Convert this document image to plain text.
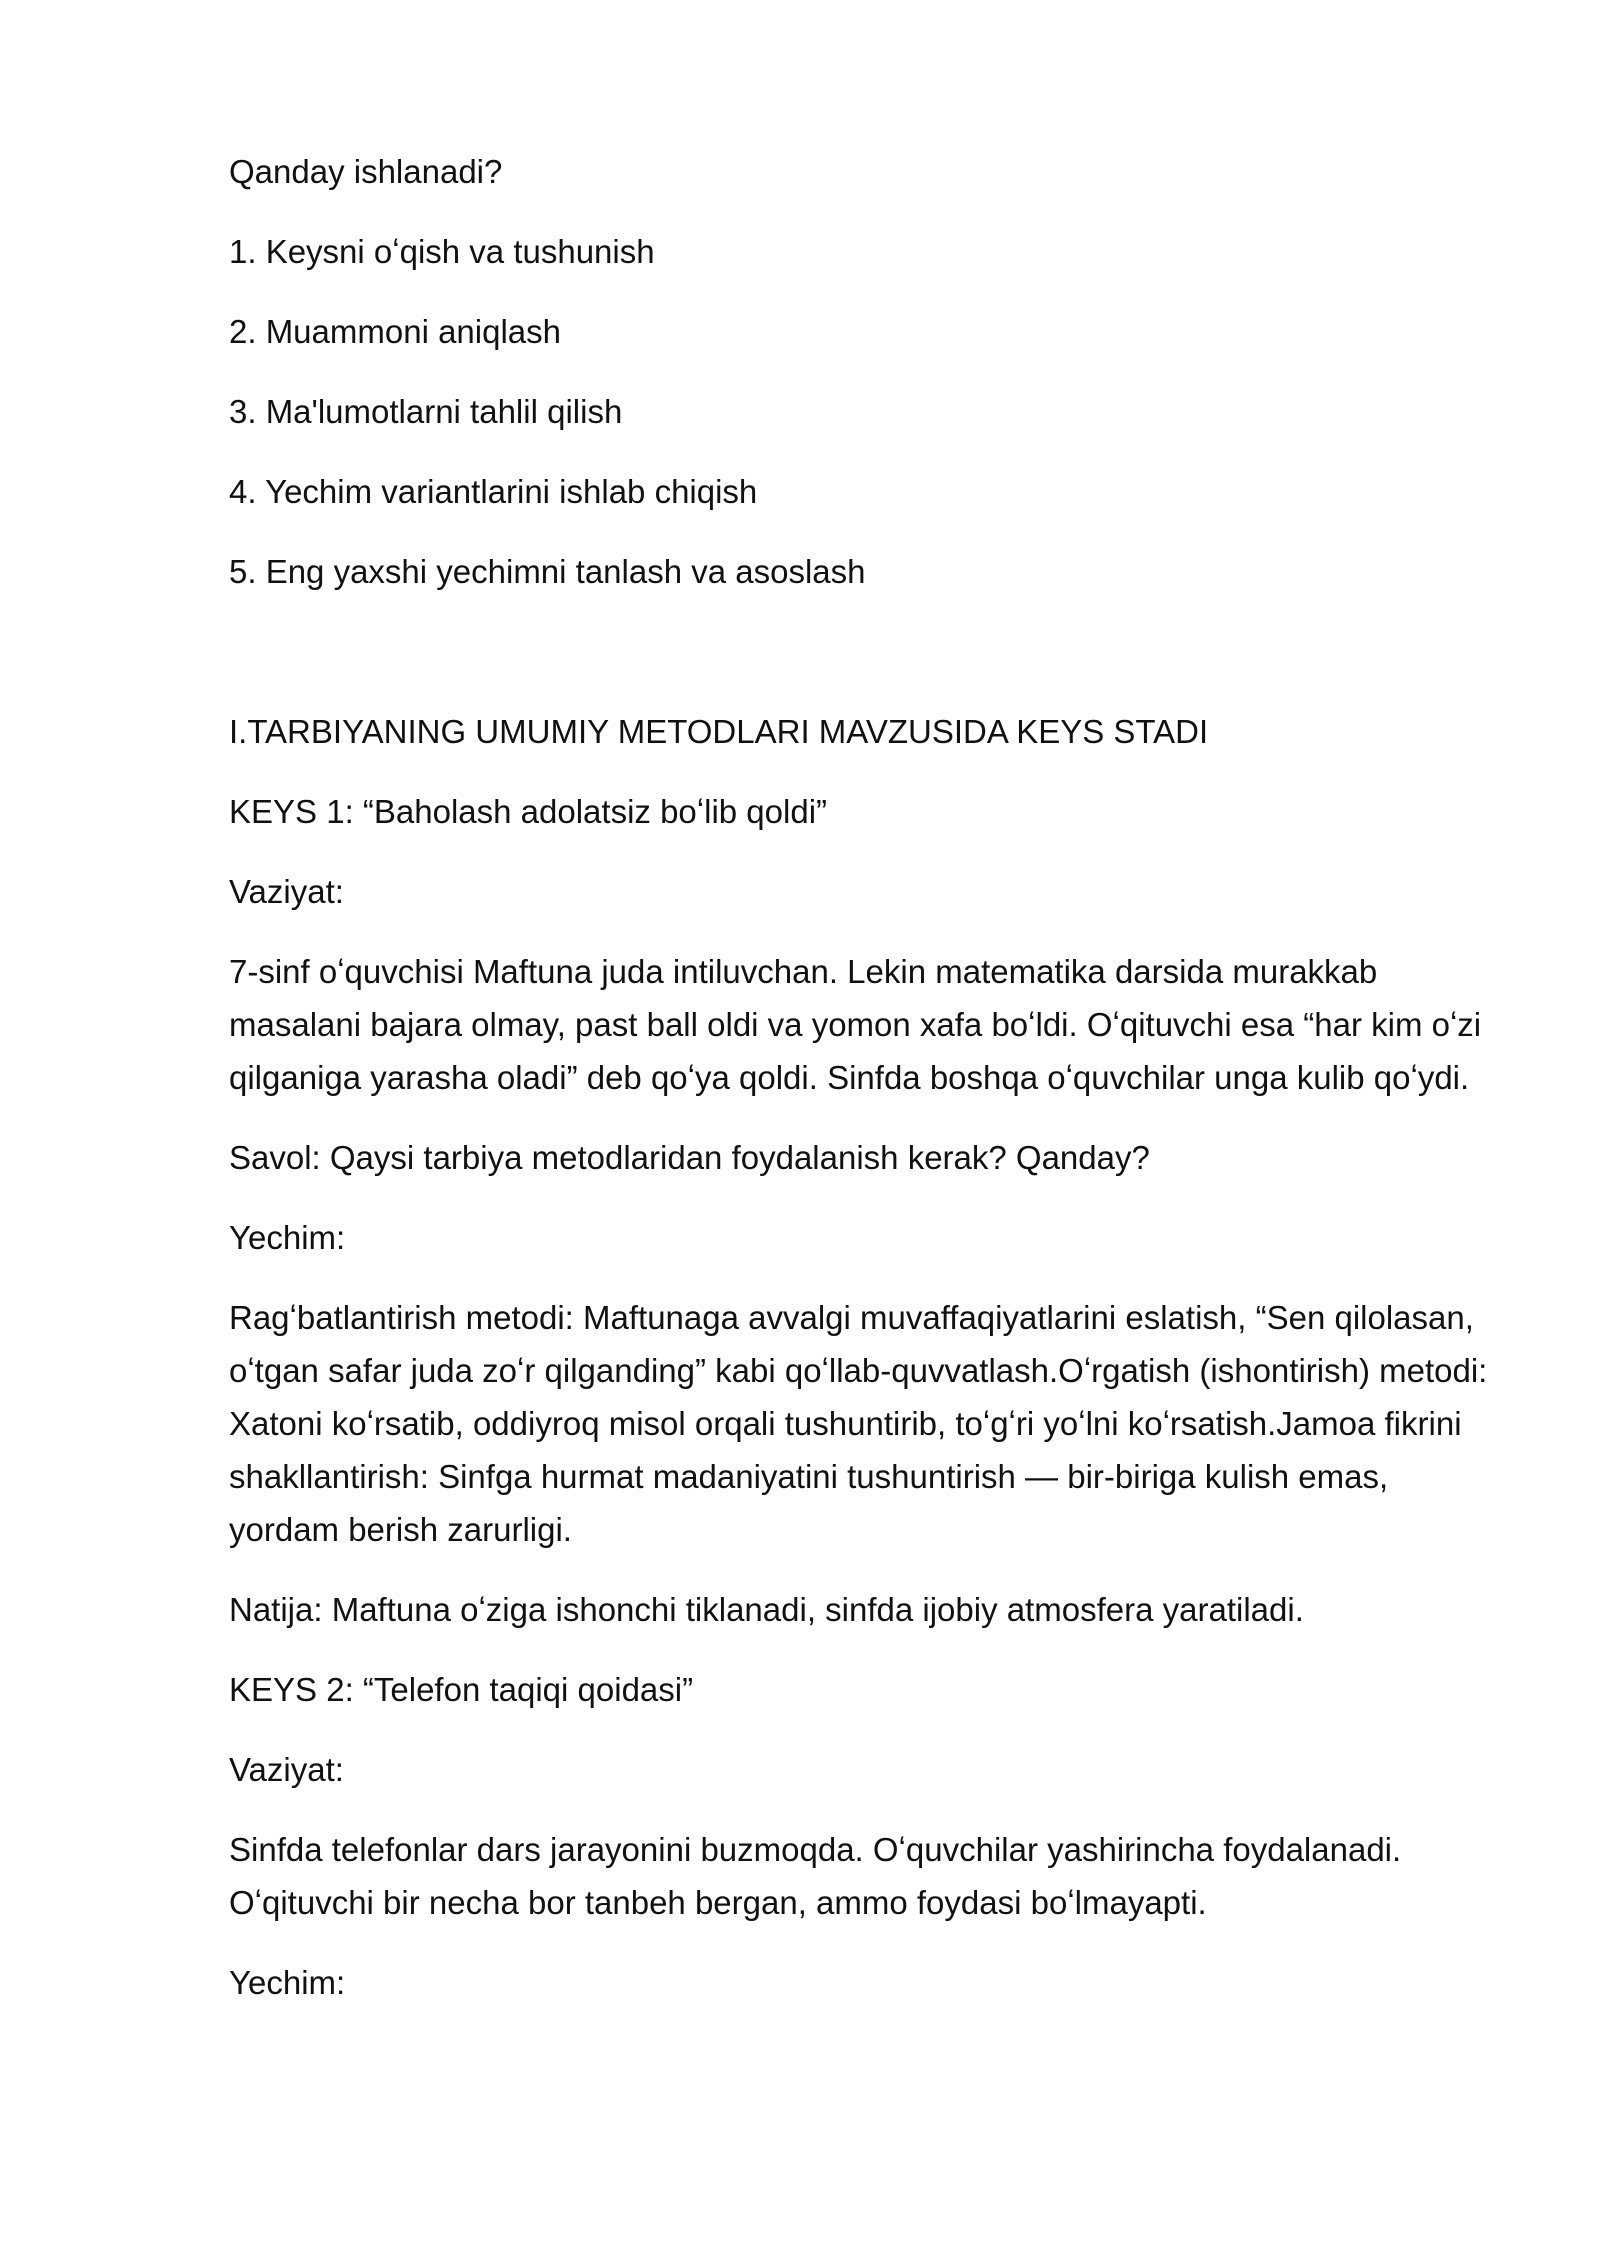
Qanday ishlanadi?

1. Keysni oʻqish va tushunish

2. Muammoni aniqlash

3. Ma'lumotlarni tahlil qilish

4. Yechim variantlarini ishlab chiqish

5. Eng yaxshi yechimni tanlash va asoslash

I.TARBIYANING UMUMIY METODLARI MAVZUSIDA KEYS STADI

KEYS 1: “Baholash adolatsiz boʻlib qoldi”

Vaziyat:

7-sinf oʻquvchisi Maftuna juda intiluvchan. Lekin matematika darsida murakkab masalani bajara olmay, past ball oldi va yomon xafa boʻldi. Oʻqituvchi esa “har kim oʻzi qilganiga yarasha oladi” deb qoʻya qoldi. Sinfda boshqa oʻquvchilar unga kulib qoʻydi.

Savol: Qaysi tarbiya metodlaridan foydalanish kerak? Qanday?

Yechim:

Ragʻbatlantirish metodi: Maftunaga avvalgi muvaffaqiyatlarini eslatish, “Sen qilolasan, oʻtgan safar juda zoʻr qilganding” kabi qoʻllab-quvvatlash.Oʻrgatish (ishontirish) metodi: Xatoni koʻrsatib, oddiyroq misol orqali tushuntirib, toʻgʻri yoʻlni koʻrsatish.Jamoa fikrini shakllantirish: Sinfga hurmat madaniyatini tushuntirish — bir-biriga kulish emas, yordam berish zarurligi.

Natija: Maftuna oʻziga ishonchi tiklanadi, sinfda ijobiy atmosfera yaratiladi.

KEYS 2: “Telefon taqiqi qoidasi”

Vaziyat:

Sinfda telefonlar dars jarayonini buzmoqda. Oʻquvchilar yashirincha foydalanadi. Oʻqituvchi bir necha bor tanbeh bergan, ammo foydasi boʻlmayapti.

Yechim:
